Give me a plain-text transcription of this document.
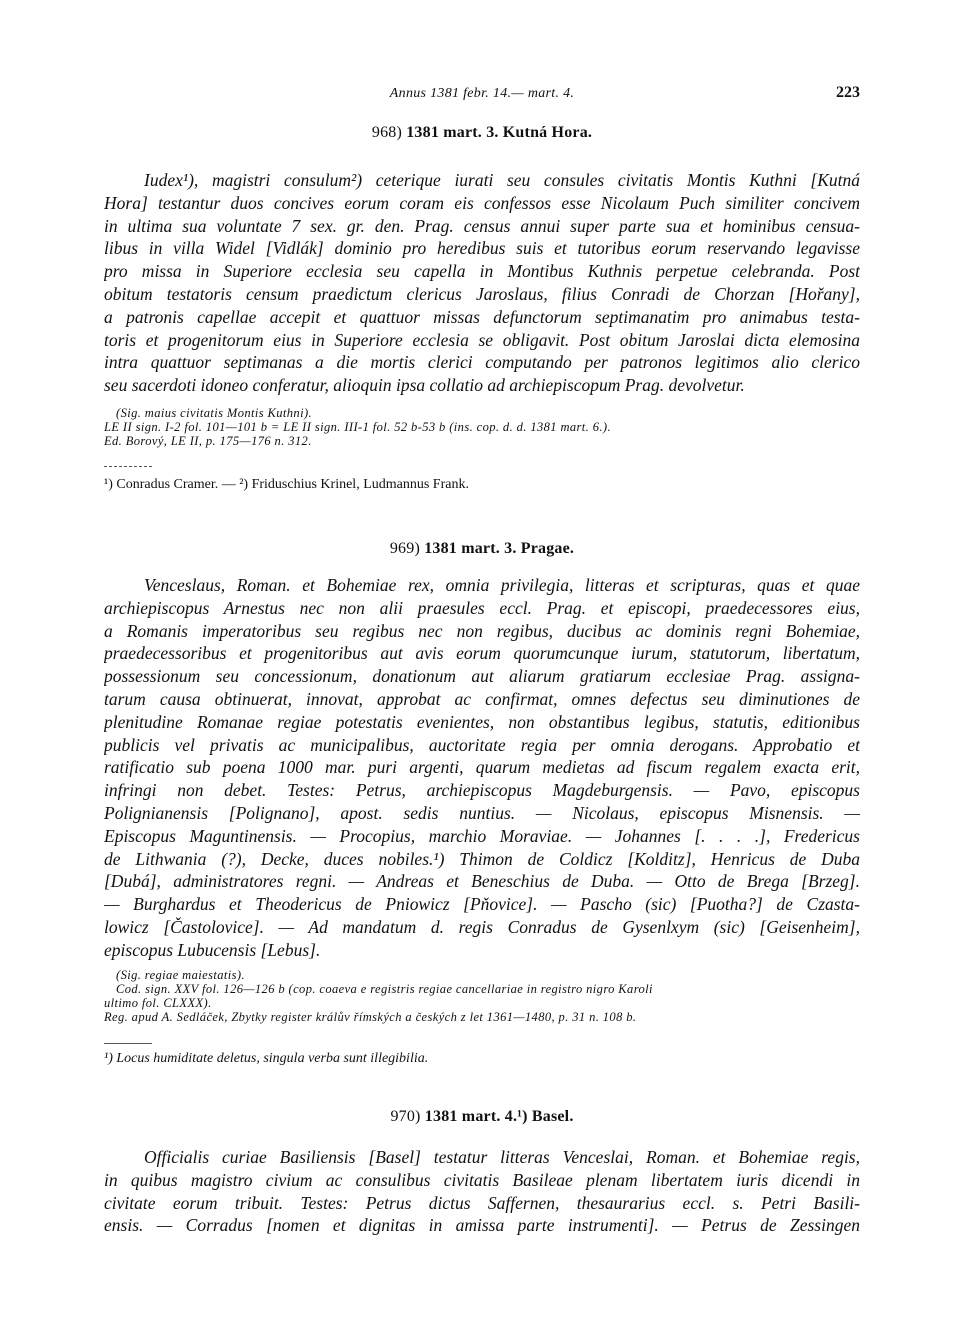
Annus 1381 febr. 14.— mart. 4.	223
968) 1381 mart. 3. Kutná Hora.
Iudex¹), magistri consulum²) ceterique iurati seu consules civitatis Montis Kuthni [Kutná
Hora] testantur duos concives eorum coram eis confessos esse Nicolaum Puch similiter concivem
in ultima sua voluntate 7 sex. gr. den. Prag. census annui super parte sua et hominibus censua-
libus in villa Widel [Vidlák] dominio pro heredibus suis et tutoribus eorum reservando legavisse
pro missa in Superiore ecclesia seu capella in Montibus Kuthnis perpetue celebranda. Post
obitum testatoris censum praedictum clericus Jaroslaus, filius Conradi de Chorzan [Hořany],
a patronis capellae accepit et quattuor missas defunctorum septimanatim pro animabus testa-
toris et progenitorum eius in Superiore ecclesia se obligavit. Post obitum Jaroslai dicta elemosina
intra quattuor septimanas a die mortis clerici computando per patronos legitimos alio clerico
seu sacerdoti idoneo conferatur, alioquin ipsa collatio ad archiepiscopum Prag. devolvetur.
(Sig. maius civitatis Montis Kuthni).
LE II sign. I-2 fol. 101—101 b = LE II sign. III-1 fol. 52 b-53 b (ins. cop. d. d. 1381 mart. 6.).
Ed. Borový, LE II, p. 175—176 n. 312.
¹) Conradus Cramer. — ²) Friduschius Krinel, Ludmannus Frank.
969) 1381 mart. 3. Pragae.
Venceslaus, Roman. et Bohemiae rex, omnia privilegia, litteras et scripturas, quas et quae
archiepiscopus Arnestus nec non alii praesules eccl. Prag. et episcopi, praedecessores eius,
a Romanis imperatoribus seu regibus nec non regibus, ducibus ac dominis regni Bohemiae,
praedecessoribus et progenitoribus aut avis eorum quorumcunque iurum, statutorum, libertatum,
possessionum seu concessionum, donationum aut aliarum gratiarum ecclesiae Prag. assigna-
tarum causa obtinuerat, innovat, approbat ac confirmat, omnes defectus seu diminutiones de
plenitudine Romanae regiae potestatis evenientes, non obstantibus legibus, statutis, editionibus
publicis vel privatis ac municipalibus, auctoritate regia per omnia derogans. Approbatio et
ratificatio sub poena 1000 mar. puri argenti, quarum medietas ad fiscum regalem exacta erit,
infringi non debet. Testes: Petrus, archiepiscopus Magdeburgensis. — Pavo, episcopus
Polignianensis [Polignano], apost. sedis nuntius. — Nicolaus, episcopus Misnensis. —
Episcopus Maguntinensis. — Procopius, marchio Moraviae. — Johannes [. . . .], Fredericus
de Lithwania (?), Decke, duces nobiles.¹) Thimon de Coldicz [Kolditz], Henricus de Duba
[Dubá], administratores regni. — Andreas et Beneschius de Duba. — Otto de Brega [Brzeg].
— Burghardus et Theodericus de Pniowicz [Pňovice]. — Pascho (sic) [Puotha?] de Czasta-
lowicz [Častolovice]. — Ad mandatum d. regis Conradus de Gysenlxym (sic) [Geisenheim],
episcopus Lubucensis [Lebus].
(Sig. regiae maiestatis).
Cod. sign. XXV fol. 126—126 b (cop. coaeva e registris regiae cancellariae in registro nigro Karoli
ultimo fol. CLXXX).
Reg. apud A. Sedláček, Zbytky register králův římských a českých z let 1361—1480, p. 31 n. 108 b.
¹) Locus humiditate deletus, singula verba sunt illegibilia.
970) 1381 mart. 4.¹) Basel.
Officialis curiae Basiliensis [Basel] testatur litteras Venceslai, Roman. et Bohemiae regis,
in quibus magistro civium ac consulibus civitatis Basileae plenam libertatem iuris dicendi in
civitate eorum tribuit. Testes: Petrus dictus Saffernen, thesaurarius eccl. s. Petri Basili-
ensis. — Corradus [nomen et dignitas in amissa parte instrumenti]. — Petrus de Zessingen
